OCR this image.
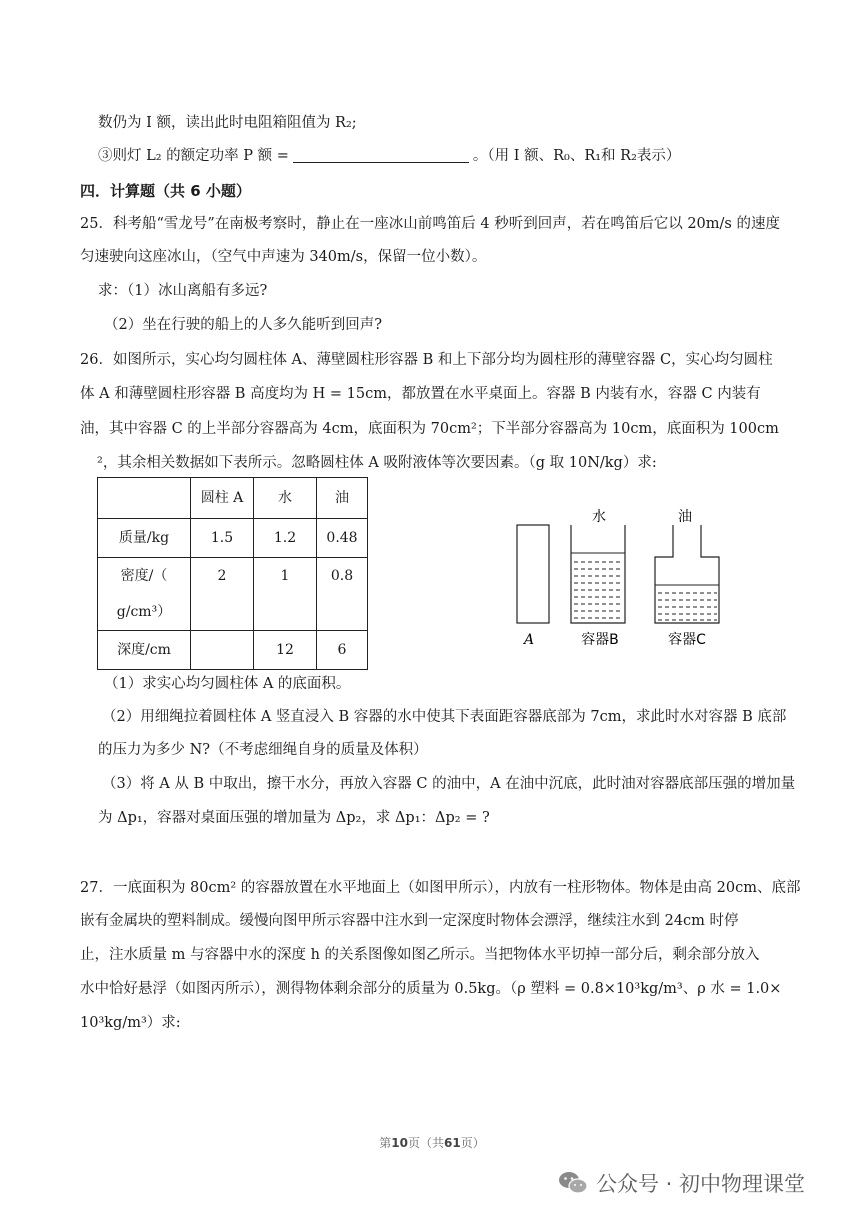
数仍为 I 额，读出此时电阻箱阻值为 R₂;
③则灯 L₂ 的额定功率 P 额 =	。（用 I 额、R₀、R₁和 R₂表示）
四．计算题（共 6 小题）
25．科考船“雪龙号”在南极考察时，静止在一座冰山前鸣笛后 4 秒听到回声，若在鸣笛后它以 20m/s 的速度
匀速驶向这座冰山，（空气中声速为 340m/s，保留一位小数）。
求：（1）冰山离船有多远?
（2）坐在行驶的船上的人多久能听到回声?
26．如图所示，实心均匀圆柱体 A、薄壁圆柱形容器 B 和上下部分均为圆柱形的薄壁容器 C，实心均匀圆柱
体 A 和薄壁圆柱形容器 B 高度均为 H = 15cm，都放置在水平桌面上。容器 B 内装有水，容器 C 内装有
油，其中容器 C 的上半部分容器高为 4cm，底面积为 70cm²；下半部分容器高为 10cm，底面积为 100cm
²，其余相关数据如下表所示。忽略圆柱体 A 吸附液体等次要因素。（g 取 10N/kg）求:
	圆柱 A	水	油
质量/kg	1.5	1.2	0.48
密度/（
g/cm³）	2	1	0.8
深度/cm		12	6
水	油
A	容器B	容器C
（1）求实心均匀圆柱体 A 的底面积。
（2）用细绳拉着圆柱体 A 竖直浸入 B 容器的水中使其下表面距容器底部为 7cm，求此时水对容器 B 底部
的压力为多少 N?（不考虑细绳自身的质量及体积）
（3）将 A 从 B 中取出，擦干水分，再放入容器 C 的油中，A 在油中沉底，此时油对容器底部压强的增加量
为 Δp₁，容器对桌面压强的增加量为 Δp₂，求 Δp₁：Δp₂ = ?
27．一底面积为 80cm² 的容器放置在水平地面上（如图甲所示），内放有一柱形物体。物体是由高 20cm、底部
嵌有金属块的塑料制成。缓慢向图甲所示容器中注水到一定深度时物体会漂浮，继续注水到 24cm 时停
止，注水质量 m 与容器中水的深度 h 的关系图像如图乙所示。当把物体水平切掉一部分后，剩余部分放入
水中恰好悬浮（如图丙所示），测得物体剩余部分的质量为 0.5kg。（ρ 塑料 = 0.8×10³kg/m³、ρ 水 = 1.0×
10³kg/m³）求:
第10页（共61页）
公众号 · 初中物理课堂
